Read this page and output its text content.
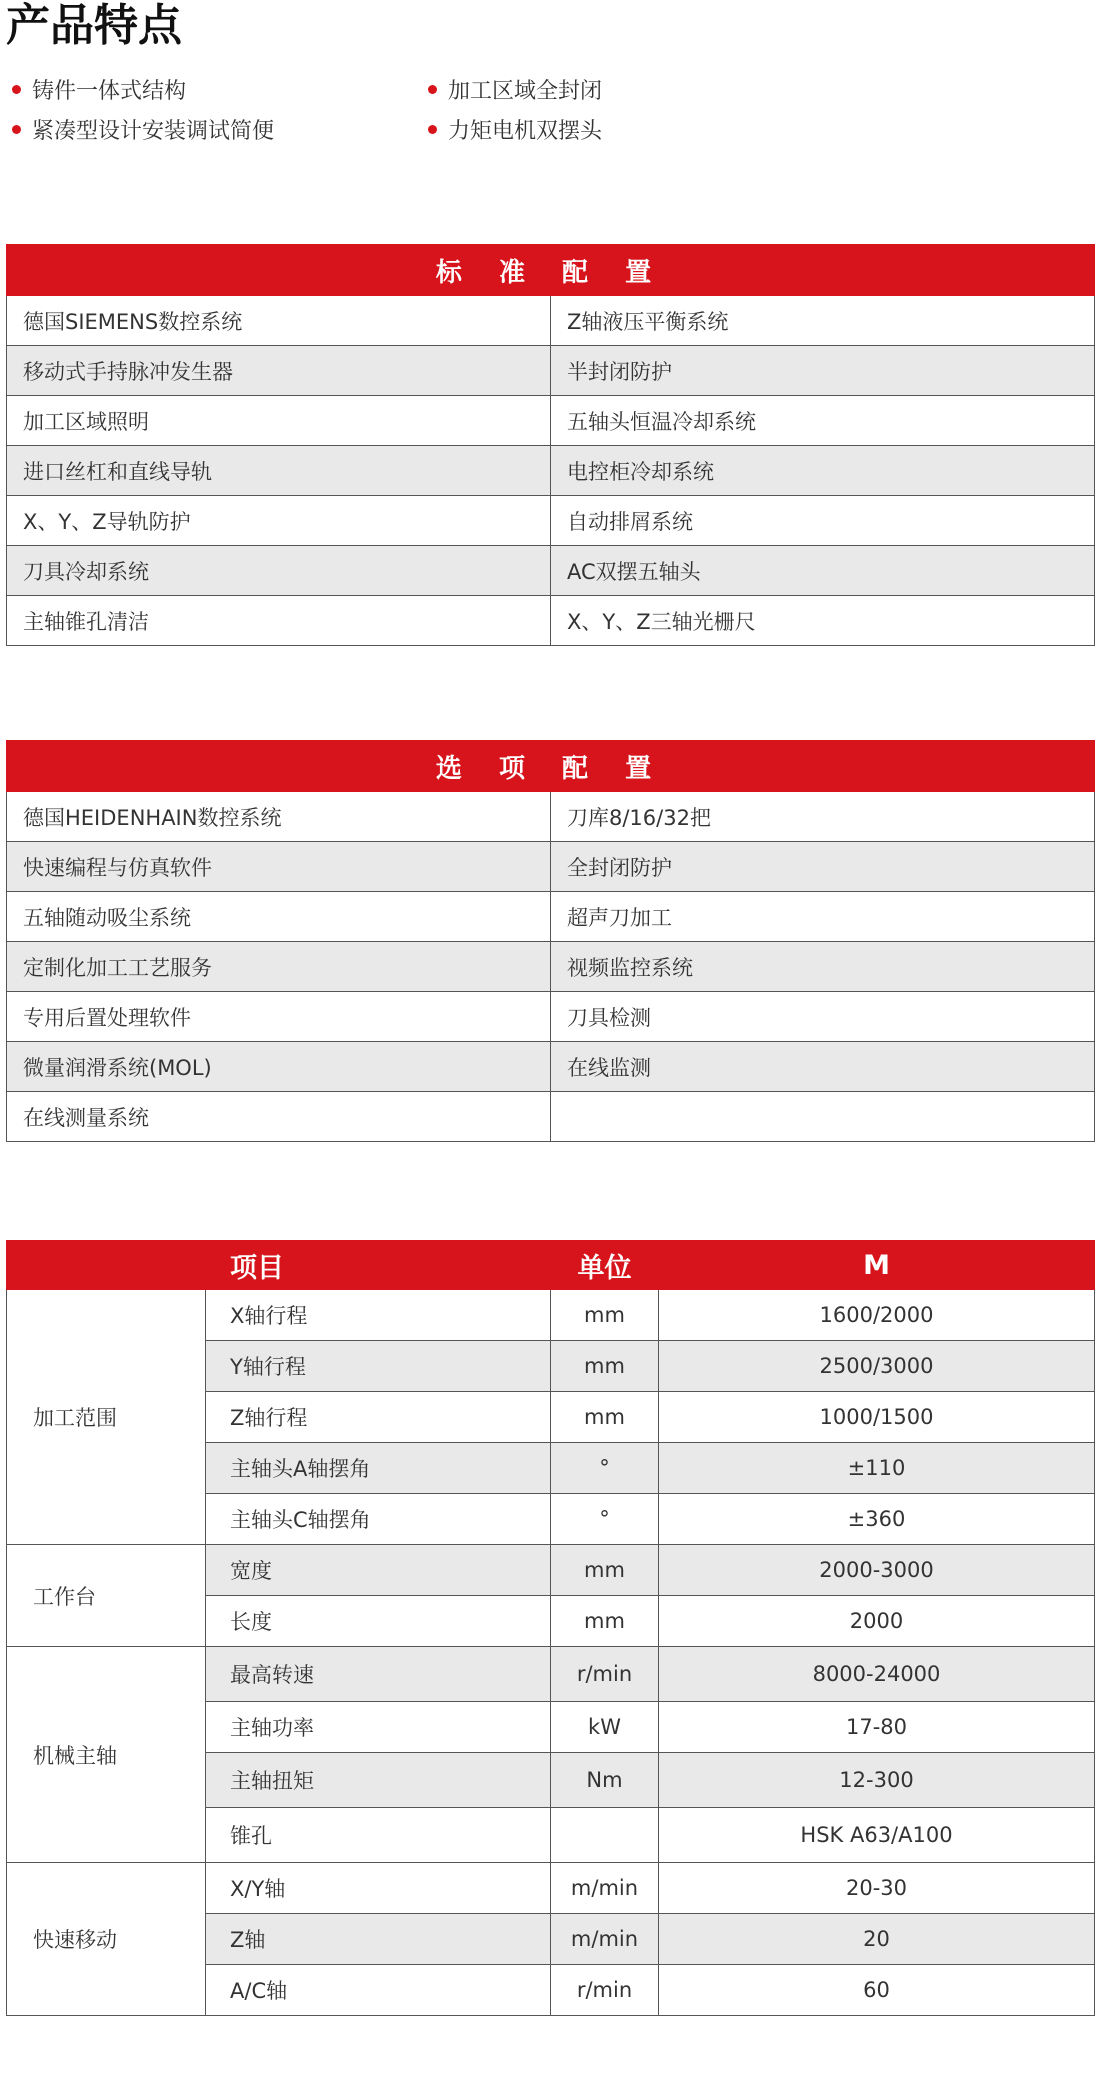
产品特点
铸件一体式结构	加工区域全封闭
紧凑型设计安装调试简便	力矩电机双摆头
标 准 配 置	
德国SIEMENS数控系统	Z轴液压平衡系统
移动式手持脉冲发生器	半封闭防护
加工区域照明	五轴头恒温冷却系统
进口丝杠和直线导轨	电控柜冷却系统
X、Y、Z导轨防护	自动排屑系统
刀具冷却系统	AC双摆五轴头
主轴锥孔清洁	X、Y、Z三轴光栅尺
选 项 配 置	
德国HEIDENHAIN数控系统	刀库8/16/32把
快速编程与仿真软件	全封闭防护
五轴随动吸尘系统	超声刀加工
定制化加工工艺服务	视频监控系统
专用后置处理软件	刀具检测
微量润滑系统(MOL)	在线监测
在线测量系统	
	项目	单位	M
加工范围	X轴行程	mm	1600/2000
	Y轴行程	mm	2500/3000
	Z轴行程	mm	1000/1500
	主轴头A轴摆角	°	±110
	主轴头C轴摆角	°	±360
工作台	宽度	mm	2000-3000
	长度	mm	2000
机械主轴	最高转速	r/min	8000-24000
	主轴功率	kW	17-80
	主轴扭矩	Nm	12-300
	锥孔		HSK A63/A100
快速移动	X/Y轴	m/min	20-30
	Z轴	m/min	20
	A/C轴	r/min	60
